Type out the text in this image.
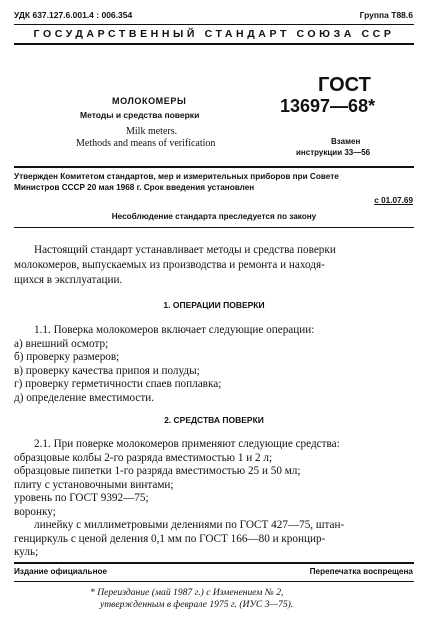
УДК 637.127.6.001.4 : 006.354	Группа Т88.6
ГОСУДАРСТВЕННЫЙ СТАНДАРТ СОЮЗА ССР
МОЛОКОМЕРЫ
Методы и средства поверки
Milk meters.
Methods and means of verification
ГОСТ
13697—68*
Взамен
инструкции 33—56
Утвержден Комитетом стандартов, мер и измерительных приборов при Совете
Министров СССР 20 мая 1968 г. Срок введения установлен
с 01.07.69
Несоблюдение стандарта преследуется по закону
Настоящий стандарт устанавливает методы и средства поверки
молокомеров, выпускаемых из производства и ремонта и находя-
щихся в эксплуатации.
1. ОПЕРАЦИИ ПОВЕРКИ
1.1. Поверка молокомеров включает следующие операции:
а) внешний осмотр;
б) проверку размеров;
в) проверку качества припоя и полуды;
г) проверку герметичности спаев поплавка;
д) определение вместимости.
2. СРЕДСТВА ПОВЕРКИ
2.1. При поверке молокомеров применяют следующие средства:
образцовые колбы 2-го разряда вместимостью 1 и 2 л;
образцовые пипетки 1-го разряда вместимостью 25 и 50 мл;
плиту с установочными винтами;
уровень по ГОСТ 9392—75;
воронку;
линейку с миллиметровыми делениями по ГОСТ 427—75, штан-
генциркуль с ценой деления 0,1 мм по ГОСТ 166—80 и кронцир-
куль;
Издание официальное	Перепечатка воспрещена
* Переиздание (май 1987 г.) с Изменением № 2,
утвержденным в феврале 1975 г. (ИУС 3—75).
